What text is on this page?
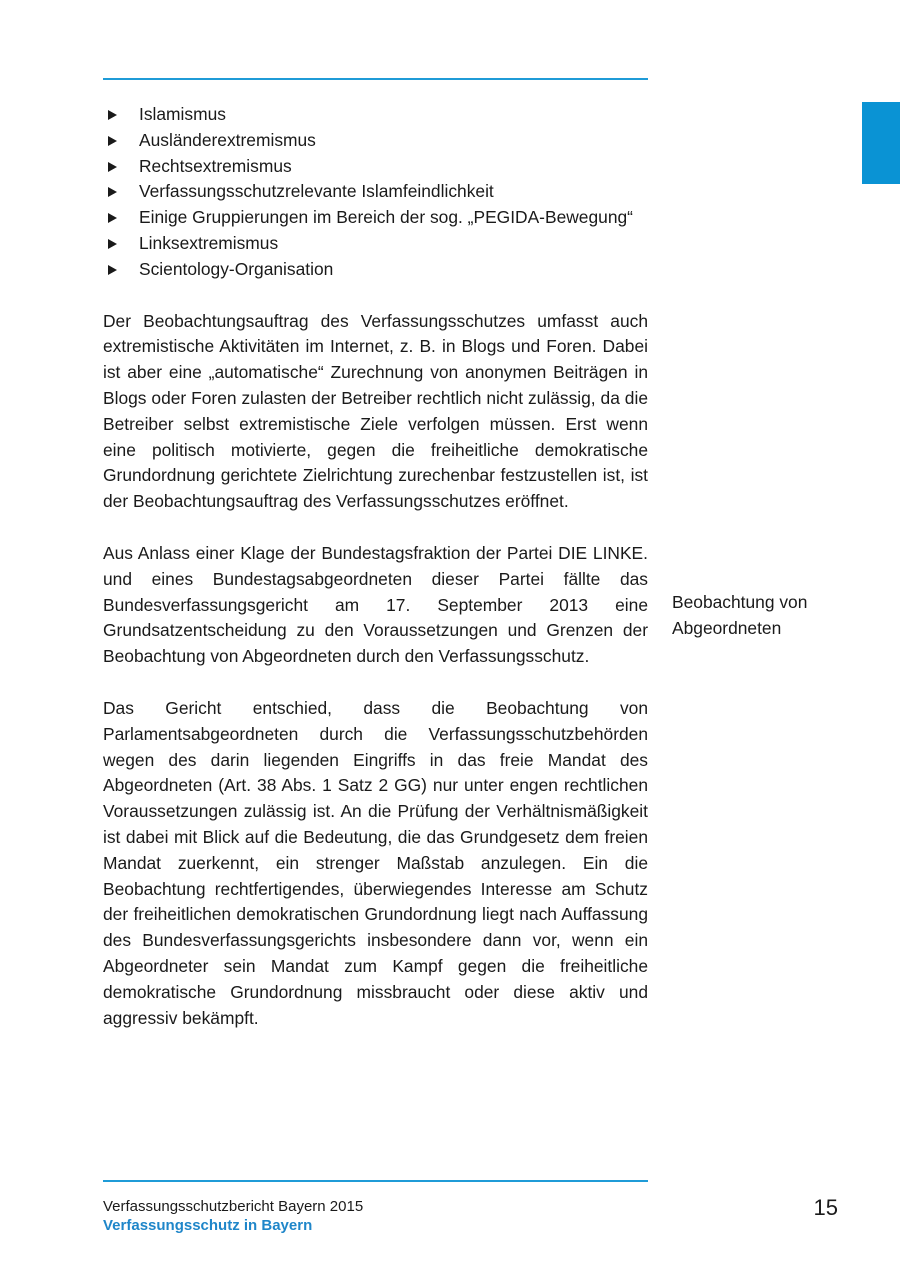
Islamismus
Ausländerextremismus
Rechtsextremismus
Verfassungsschutzrelevante Islamfeindlichkeit
Einige Gruppierungen im Bereich der sog. „PEGIDA-Bewegung“
Linksextremismus
Scientology-Organisation

Der Beobachtungsauftrag des Verfassungsschutzes umfasst auch extremistische Aktivitäten im Internet, z. B. in Blogs und Foren. Dabei ist aber eine „automatische“ Zurechnung von anonymen Beiträgen in Blogs oder Foren zulasten der Betreiber rechtlich nicht zulässig, da die Betreiber selbst extremistische Ziele verfolgen müssen. Erst wenn eine politisch motivierte, gegen die freiheitliche demokratische Grundordnung gerichtete Zielrichtung zurechenbar festzustellen ist, ist der Beobachtungsauftrag des Verfassungsschutzes eröffnet.

Aus Anlass einer Klage der Bundestagsfraktion der Partei DIE LINKE. und eines Bundestagsabgeordneten dieser Partei fällte das Bundesverfassungsgericht am 17. September 2013 eine Grundsatzentscheidung zu den Voraussetzungen und Grenzen der Beobachtung von Abgeordneten durch den Verfassungsschutz.

Das Gericht entschied, dass die Beobachtung von Parlamentsabgeordneten durch die Verfassungsschutzbehörden wegen des darin liegenden Eingriffs in das freie Mandat des Abgeordneten (Art. 38 Abs. 1 Satz 2 GG) nur unter engen rechtlichen Voraussetzungen zulässig ist. An die Prüfung der Verhältnismäßigkeit ist dabei mit Blick auf die Bedeutung, die das Grundgesetz dem freien Mandat zuerkennt, ein strenger Maßstab anzulegen. Ein die Beobachtung rechtfertigendes, überwiegendes Interesse am Schutz der freiheitlichen demokratischen Grundordnung liegt nach Auffassung des Bundesverfassungsgerichts insbesondere dann vor, wenn ein Abgeordneter sein Mandat zum Kampf gegen die freiheitliche demokratische Grundordnung missbraucht oder diese aktiv und aggressiv bekämpft.

Beobachtung von
Abgeordneten
Verfassungsschutzbericht Bayern 2015
Verfassungsschutz in Bayern
15
